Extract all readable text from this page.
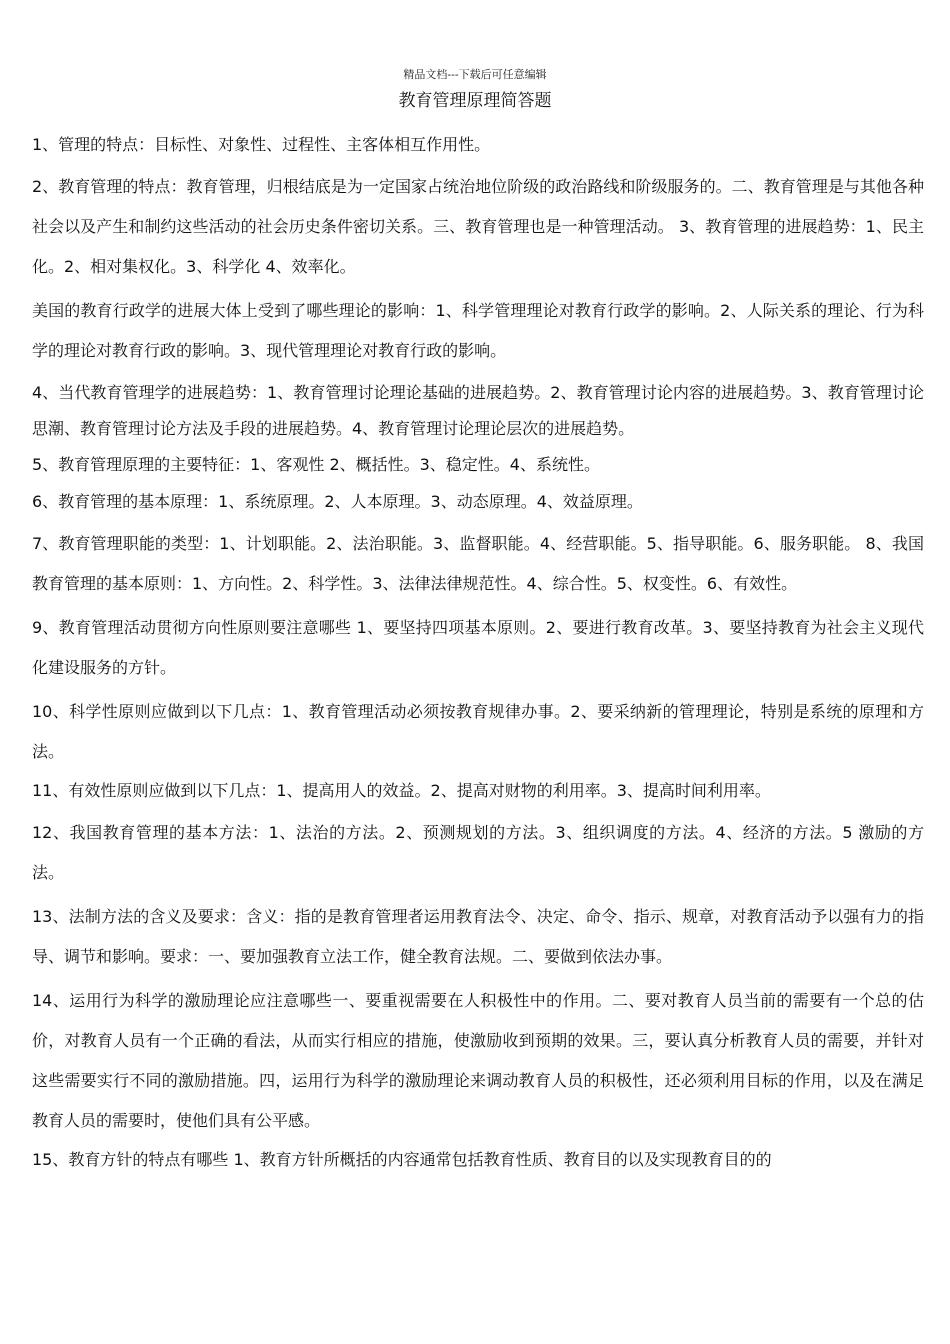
精品文档---下载后可任意编辑
教育管理原理简答题

1、管理的特点：目标性、对象性、过程性、主客体相互作用性。

2、教育管理的特点：教育管理，归根结底是为一定国家占统治地位阶级的政治路线和阶级服务的。二、教育管理是与其他各种社会以及产生和制约这些活动的社会历史条件密切关系。三、教育管理也是一种管理活动。 3、教育管理的进展趋势：1、民主化。2、相对集权化。3、科学化 4、效率化。

美国的教育行政学的进展大体上受到了哪些理论的影响：1、科学管理理论对教育行政学的影响。2、人际关系的理论、行为科学的理论对教育行政的影响。3、现代管理理论对教育行政的影响。

4、当代教育管理学的进展趋势：1、教育管理讨论理论基础的进展趋势。2、教育管理讨论内容的进展趋势。3、教育管理讨论思潮、教育管理讨论方法及手段的进展趋势。4、教育管理讨论理论层次的进展趋势。

5、教育管理原理的主要特征：1、客观性 2、概括性。3、稳定性。4、系统性。

6、教育管理的基本原理：1、系统原理。2、人本原理。3、动态原理。4、效益原理。

7、教育管理职能的类型：1、计划职能。2、法治职能。3、监督职能。4、经营职能。5、指导职能。6、服务职能。 8、我国教育管理的基本原则：1、方向性。2、科学性。3、法律法律规范性。4、综合性。5、权变性。6、有效性。

9、教育管理活动贯彻方向性原则要注意哪些 1、要坚持四项基本原则。2、要进行教育改革。3、要坚持教育为社会主义现代化建设服务的方针。

10、科学性原则应做到以下几点：1、教育管理活动必须按教育规律办事。2、要采纳新的管理理论，特别是系统的原理和方法。

11、有效性原则应做到以下几点：1、提高用人的效益。2、提高对财物的利用率。3、提高时间利用率。

12、我国教育管理的基本方法：1、法治的方法。2、预测规划的方法。3、组织调度的方法。4、经济的方法。5 激励的方法。

13、法制方法的含义及要求：含义：指的是教育管理者运用教育法令、决定、命令、指示、规章，对教育活动予以强有力的指导、调节和影响。要求：一、要加强教育立法工作，健全教育法规。二、要做到依法办事。

14、运用行为科学的激励理论应注意哪些一、要重视需要在人积极性中的作用。二、要对教育人员当前的需要有一个总的估价，对教育人员有一个正确的看法，从而实行相应的措施，使激励收到预期的效果。三，要认真分析教育人员的需要，并针对这些需要实行不同的激励措施。四，运用行为科学的激励理论来调动教育人员的积极性，还必须利用目标的作用，以及在满足教育人员的需要时，使他们具有公平感。

15、教育方针的特点有哪些 1、教育方针所概括的内容通常包括教育性质、教育目的以及实现教育目的的
